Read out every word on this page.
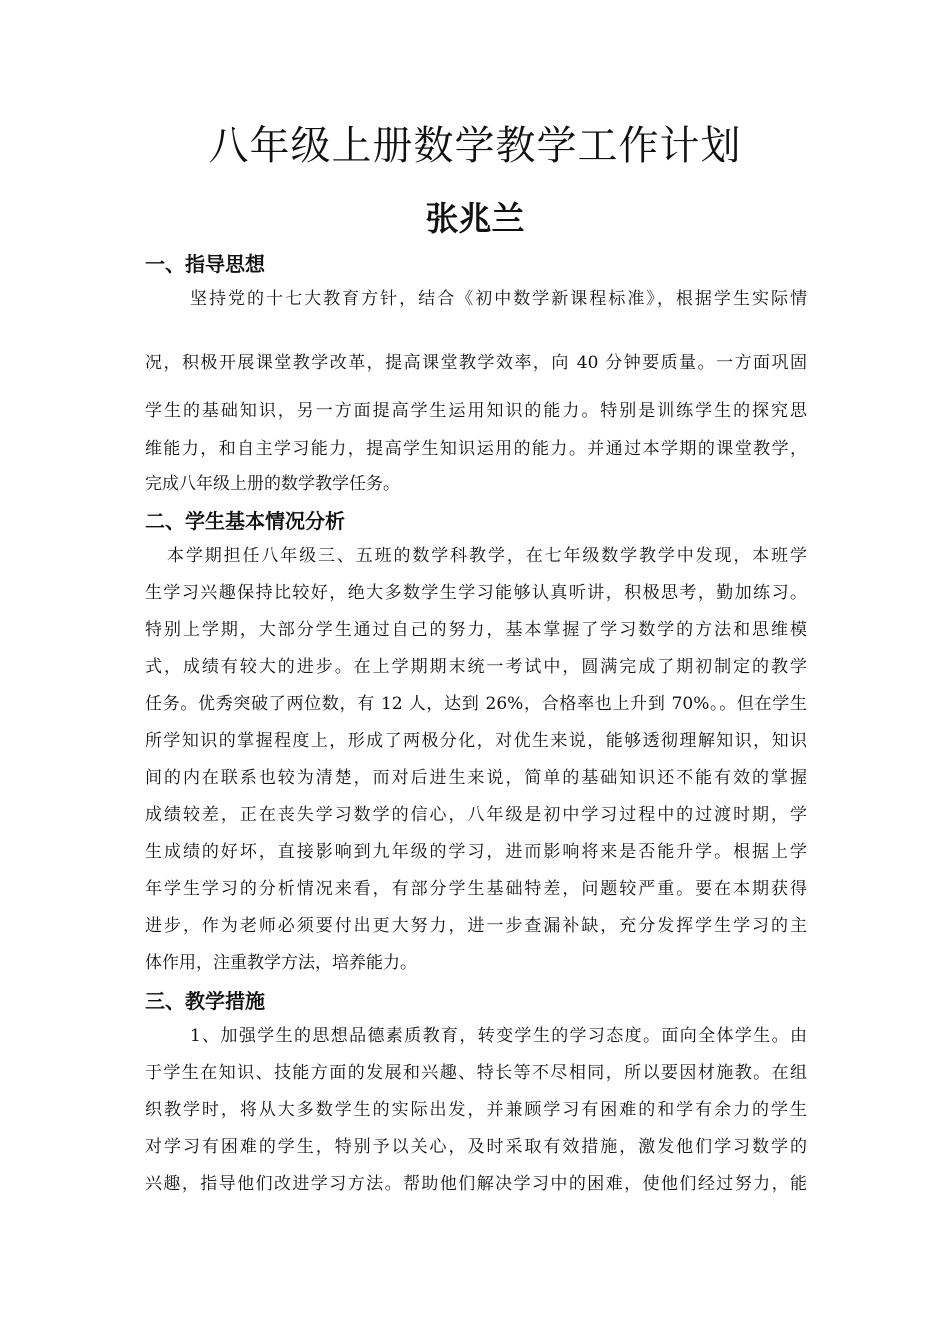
八年级上册数学教学工作计划
张兆兰
一、指导思想
坚持党的十七大教育方针，结合《初中数学新课程标准》，根据学生实际情
况，积极开展课堂教学改革，提高课堂教学效率，向 40 分钟要质量。一方面巩固
学生的基础知识，另一方面提高学生运用知识的能力。特别是训练学生的探究思
维能力，和自主学习能力，提高学生知识运用的能力。并通过本学期的课堂教学，
完成八年级上册的数学教学任务。
二、学生基本情况分析
本学期担任八年级三、五班的数学科教学，在七年级数学教学中发现，本班学
生学习兴趣保持比较好，绝大多数学生学习能够认真听讲，积极思考，勤加练习。
特别上学期，大部分学生通过自己的努力，基本掌握了学习数学的方法和思维模
式，成绩有较大的进步。在上学期期末统一考试中，圆满完成了期初制定的教学
任务。优秀突破了两位数，有 12 人，达到 26%，合格率也上升到 70%。。但在学生
所学知识的掌握程度上，形成了两极分化，对优生来说，能够透彻理解知识，知识
间的内在联系也较为清楚，而对后进生来说，简单的基础知识还不能有效的掌握
成绩较差，正在丧失学习数学的信心，八年级是初中学习过程中的过渡时期，学
生成绩的好坏，直接影响到九年级的学习，进而影响将来是否能升学。根据上学
年学生学习的分析情况来看，有部分学生基础特差，问题较严重。要在本期获得
进步，作为老师必须要付出更大努力，进一步查漏补缺，充分发挥学生学习的主
体作用，注重教学方法，培养能力。
三、教学措施
1、加强学生的思想品德素质教育，转变学生的学习态度。面向全体学生。由
于学生在知识、技能方面的发展和兴趣、特长等不尽相同，所以要因材施教。在组
织教学时，将从大多数学生的实际出发，并兼顾学习有困难的和学有余力的学生
对学习有困难的学生，特别予以关心，及时采取有效措施，激发他们学习数学的
兴趣，指导他们改进学习方法。帮助他们解决学习中的困难，使他们经过努力，能
